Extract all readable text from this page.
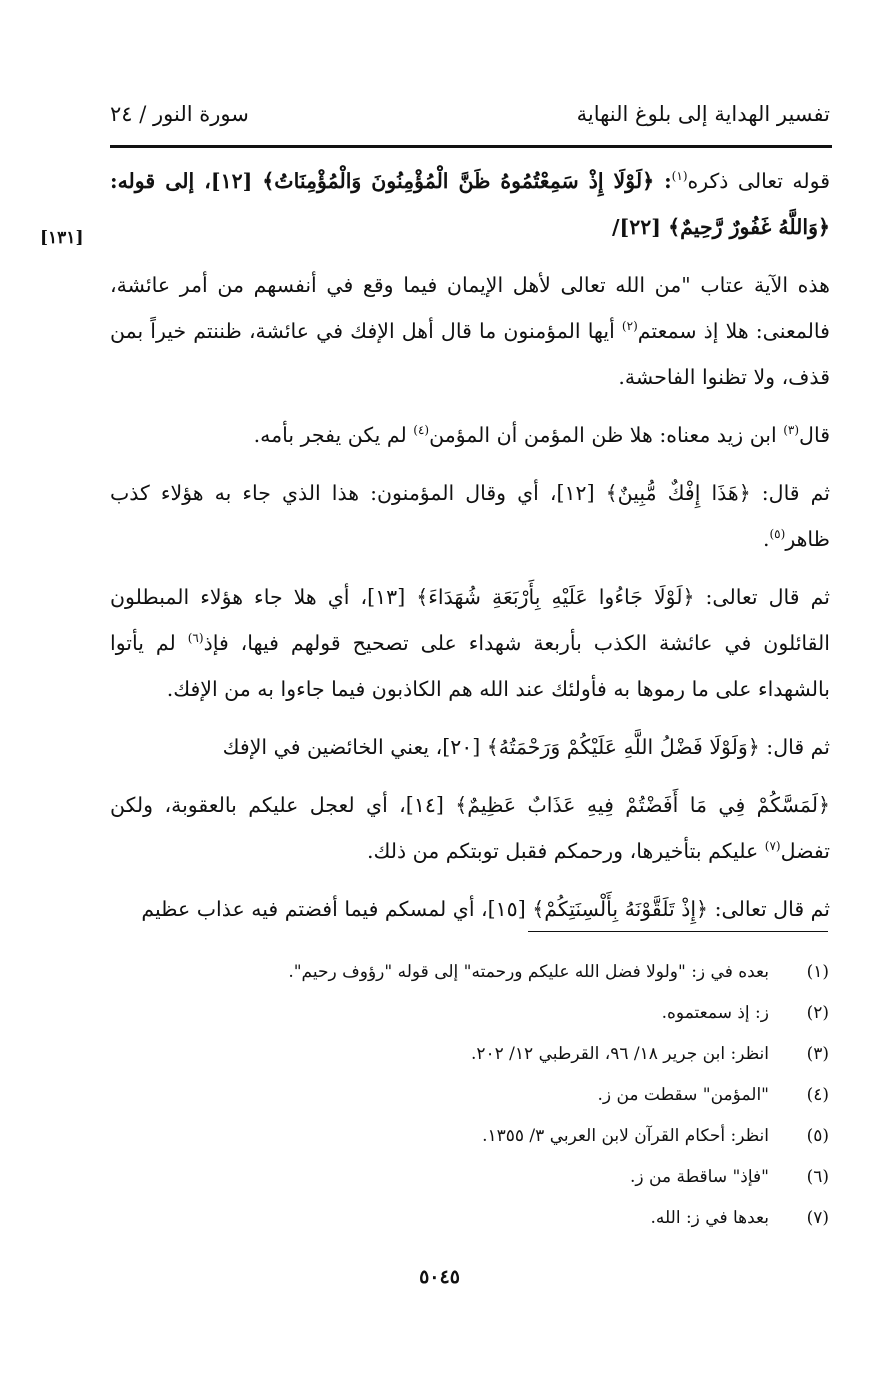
تفسير الهداية إلى بلوغ النهاية
سورة النور / ٢٤
[١٣١]

قوله تعالى ذكره$^{(١)}$: ﴿لَوْلَا إِذْ سَمِعْتُمُوهُ ظَنَّ الْمُؤْمِنُونَ وَالْمُؤْمِنَاتُ﴾ [١٢]، إلى قوله: ﴿وَاللَّهُ غَفُورٌ رَّحِيمٌ﴾ [٢٢]/

هذه الآية عتاب "من الله تعالى لأهل الإيمان فيما وقع في أنفسهم من أمر عائشة، فالمعنى: هلا إذ سمعتم$^{(٢)}$ أيها المؤمنون ما قال أهل الإفك في عائشة، ظننتم خيراً بمن قذف، ولا تظنوا الفاحشة.

قال$^{(٣)}$ ابن زيد معناه: هلا ظن المؤمن أن المؤمن$^{(٤)}$ لم يكن يفجر بأمه.

ثم قال: ﴿هَذَا إِفْكٌ مُّبِينٌ﴾ [١٢]، أي وقال المؤمنون: هذا الذي جاء به هؤلاء كذب ظاهر$^{(٥)}$.

ثم قال تعالى: ﴿لَوْلَا جَاءُوا عَلَيْهِ بِأَرْبَعَةِ شُهَدَاءَ﴾ [١٣]، أي هلا جاء هؤلاء المبطلون القائلون في عائشة الكذب بأربعة شهداء على تصحيح قولهم فيها، فإذ$^{(٦)}$ لم يأتوا بالشهداء على ما رموها به فأولئك عند الله هم الكاذبون فيما جاءوا به من الإفك.

ثم قال: ﴿وَلَوْلَا فَضْلُ اللَّهِ عَلَيْكُمْ وَرَحْمَتُهُ﴾ [٢٠]، يعني الخائضين في الإفك

﴿لَمَسَّكُمْ فِي مَا أَفَضْتُمْ فِيهِ عَذَابٌ عَظِيمٌ﴾ [١٤]، أي لعجل عليكم بالعقوبة، ولكن تفضل$^{(٧)}$ عليكم بتأخيرها، ورحمكم فقبل توبتكم من ذلك.

ثم قال تعالى: ﴿إِذْ تَلَقَّوْنَهُ بِأَلْسِنَتِكُمْ﴾ [١٥]، أي لمسكم فيما أفضتم فيه عذاب عظيم

(١)بعده في ز: "ولولا فضل الله عليكم ورحمته" إلى قوله "رؤوف رحيم".
(٢)ز: إذ سمعتموه.
(٣)انظر: ابن جرير ١٨/ ٩٦، القرطبي ١٢/ ٢٠٢.
(٤)"المؤمن" سقطت من ز.
(٥)انظر: أحكام القرآن لابن العربي ٣/ ١٣٥٥.
(٦)"فإذ" ساقطة من ز.
(٧)بعدها في ز: الله.
٥٠٤٥
